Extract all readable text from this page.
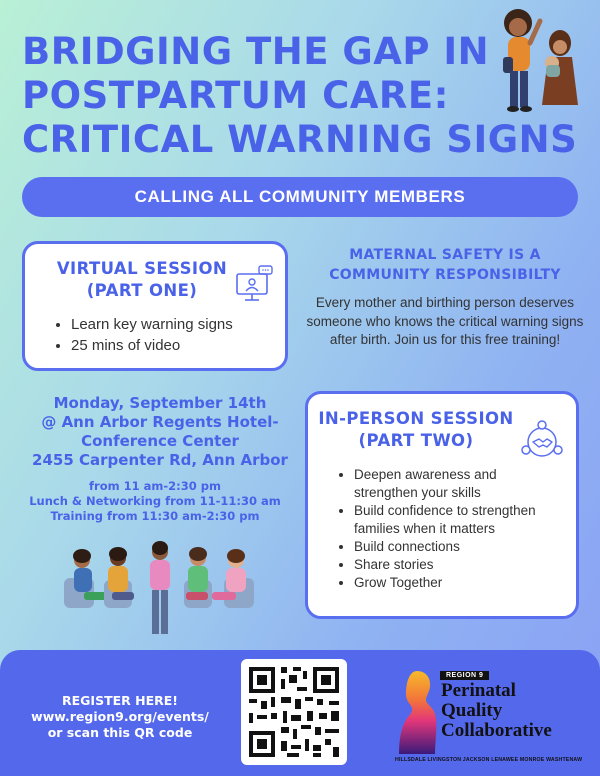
BRIDGING THE GAP IN
POSTPARTUM CARE:
CRITICAL WARNING SIGNS
CALLING ALL COMMUNITY MEMBERS
VIRTUAL SESSION
(PART ONE)
• Learn key warning signs
• 25 mins of video
MATERNAL SAFETY IS A
COMMUNITY RESPONSIBILTY
Every mother and birthing person deserves someone who knows the critical warning signs after birth. Join us for this free training!
Monday, September 14th
@ Ann Arbor Regents Hotel-
Conference Center
2455 Carpenter Rd, Ann Arbor
from 11 am-2:30 pm
Lunch & Networking from 11-11:30 am
Training from 11:30 am-2:30 pm
IN-PERSON SESSION
(PART TWO)
• Deepen awareness and strengthen your skills
• Build confidence to strengthen families when it matters
• Build connections
• Share stories
• Grow Together
REGISTER HERE!
www.region9.org/events/
or scan this QR code
REGION 9
Perinatal
Quality
Collaborative
HILLSDALE LIVINGSTON JACKSON LENAWEE MONROE WASHTENAW
